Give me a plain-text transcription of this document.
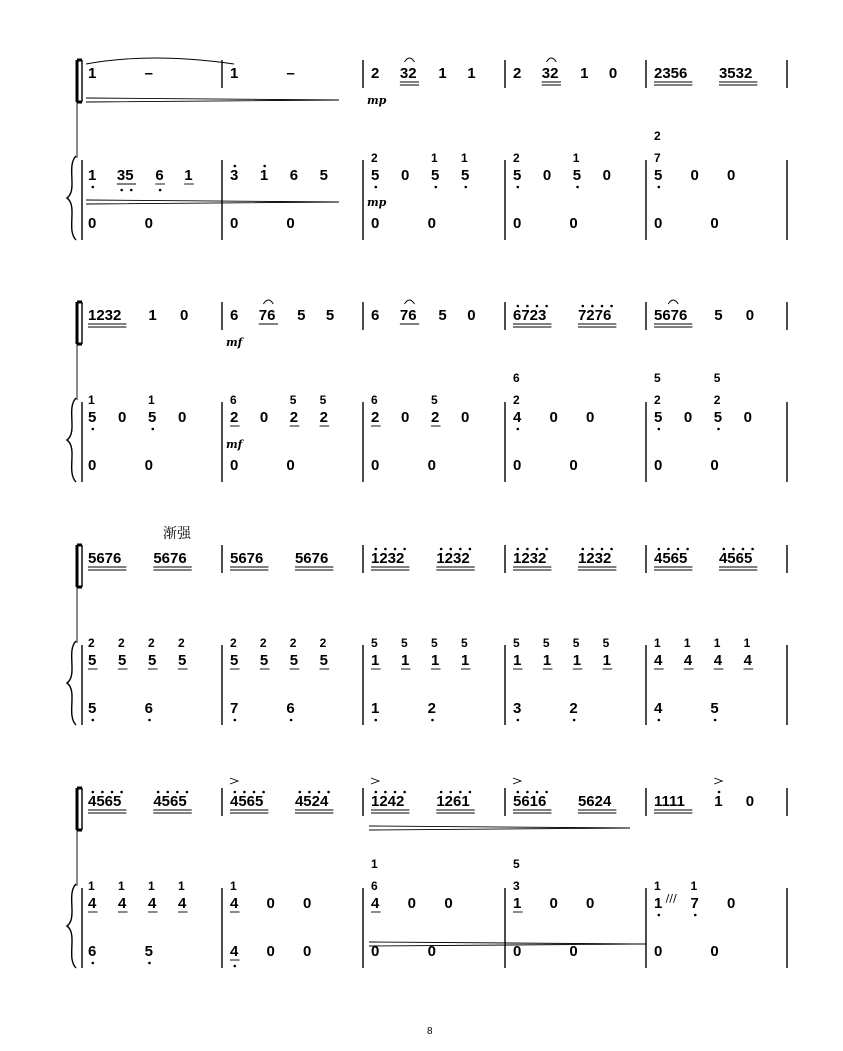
1	–	1	–	2 32 1 1 2 32 1 0 2356 3532
1 35 6 1 3 1 6 5	5
2
0 5
1
5
1
5
2
0 5
1
0	5
7
2
0 0
0	0	0	0	0	0	0	0	0	0
1232 1 0	6 76 5 5 6 76 5 0 6723 7276	5676 5 0
5
1
0 5
1
0	2
6
0 2
5
2
5
2
6
0 2
5
0	4
2
6
0 0	5
2
5
0 5
2
5
0
0	0	0	0	0	0	0	0	0	0
5676 5676	5676 5676	1232 1232	1232 1232	4565 4565
5
2
5
2
5
2
5
2
5
2
5
2
5
2
5
2
1
5
1
5
1
5
1
5
1
5
1
5
1
5
1
5
4
1
4
1
4
1
4
1
5	6	7	6	1	2	3	2	4	5
4565 4565	4565 4524	1242 1261	5616 5624	1111 1 0
4
1
4
1
4
1
4
1
4
1
0 0	4
6
1
0 0	1
3
5
0 0	1
1
/// 7
1
0
6	5	4 0 0	0	0	0	0	0	0
mp
mp
mf
mf
渐强
8
